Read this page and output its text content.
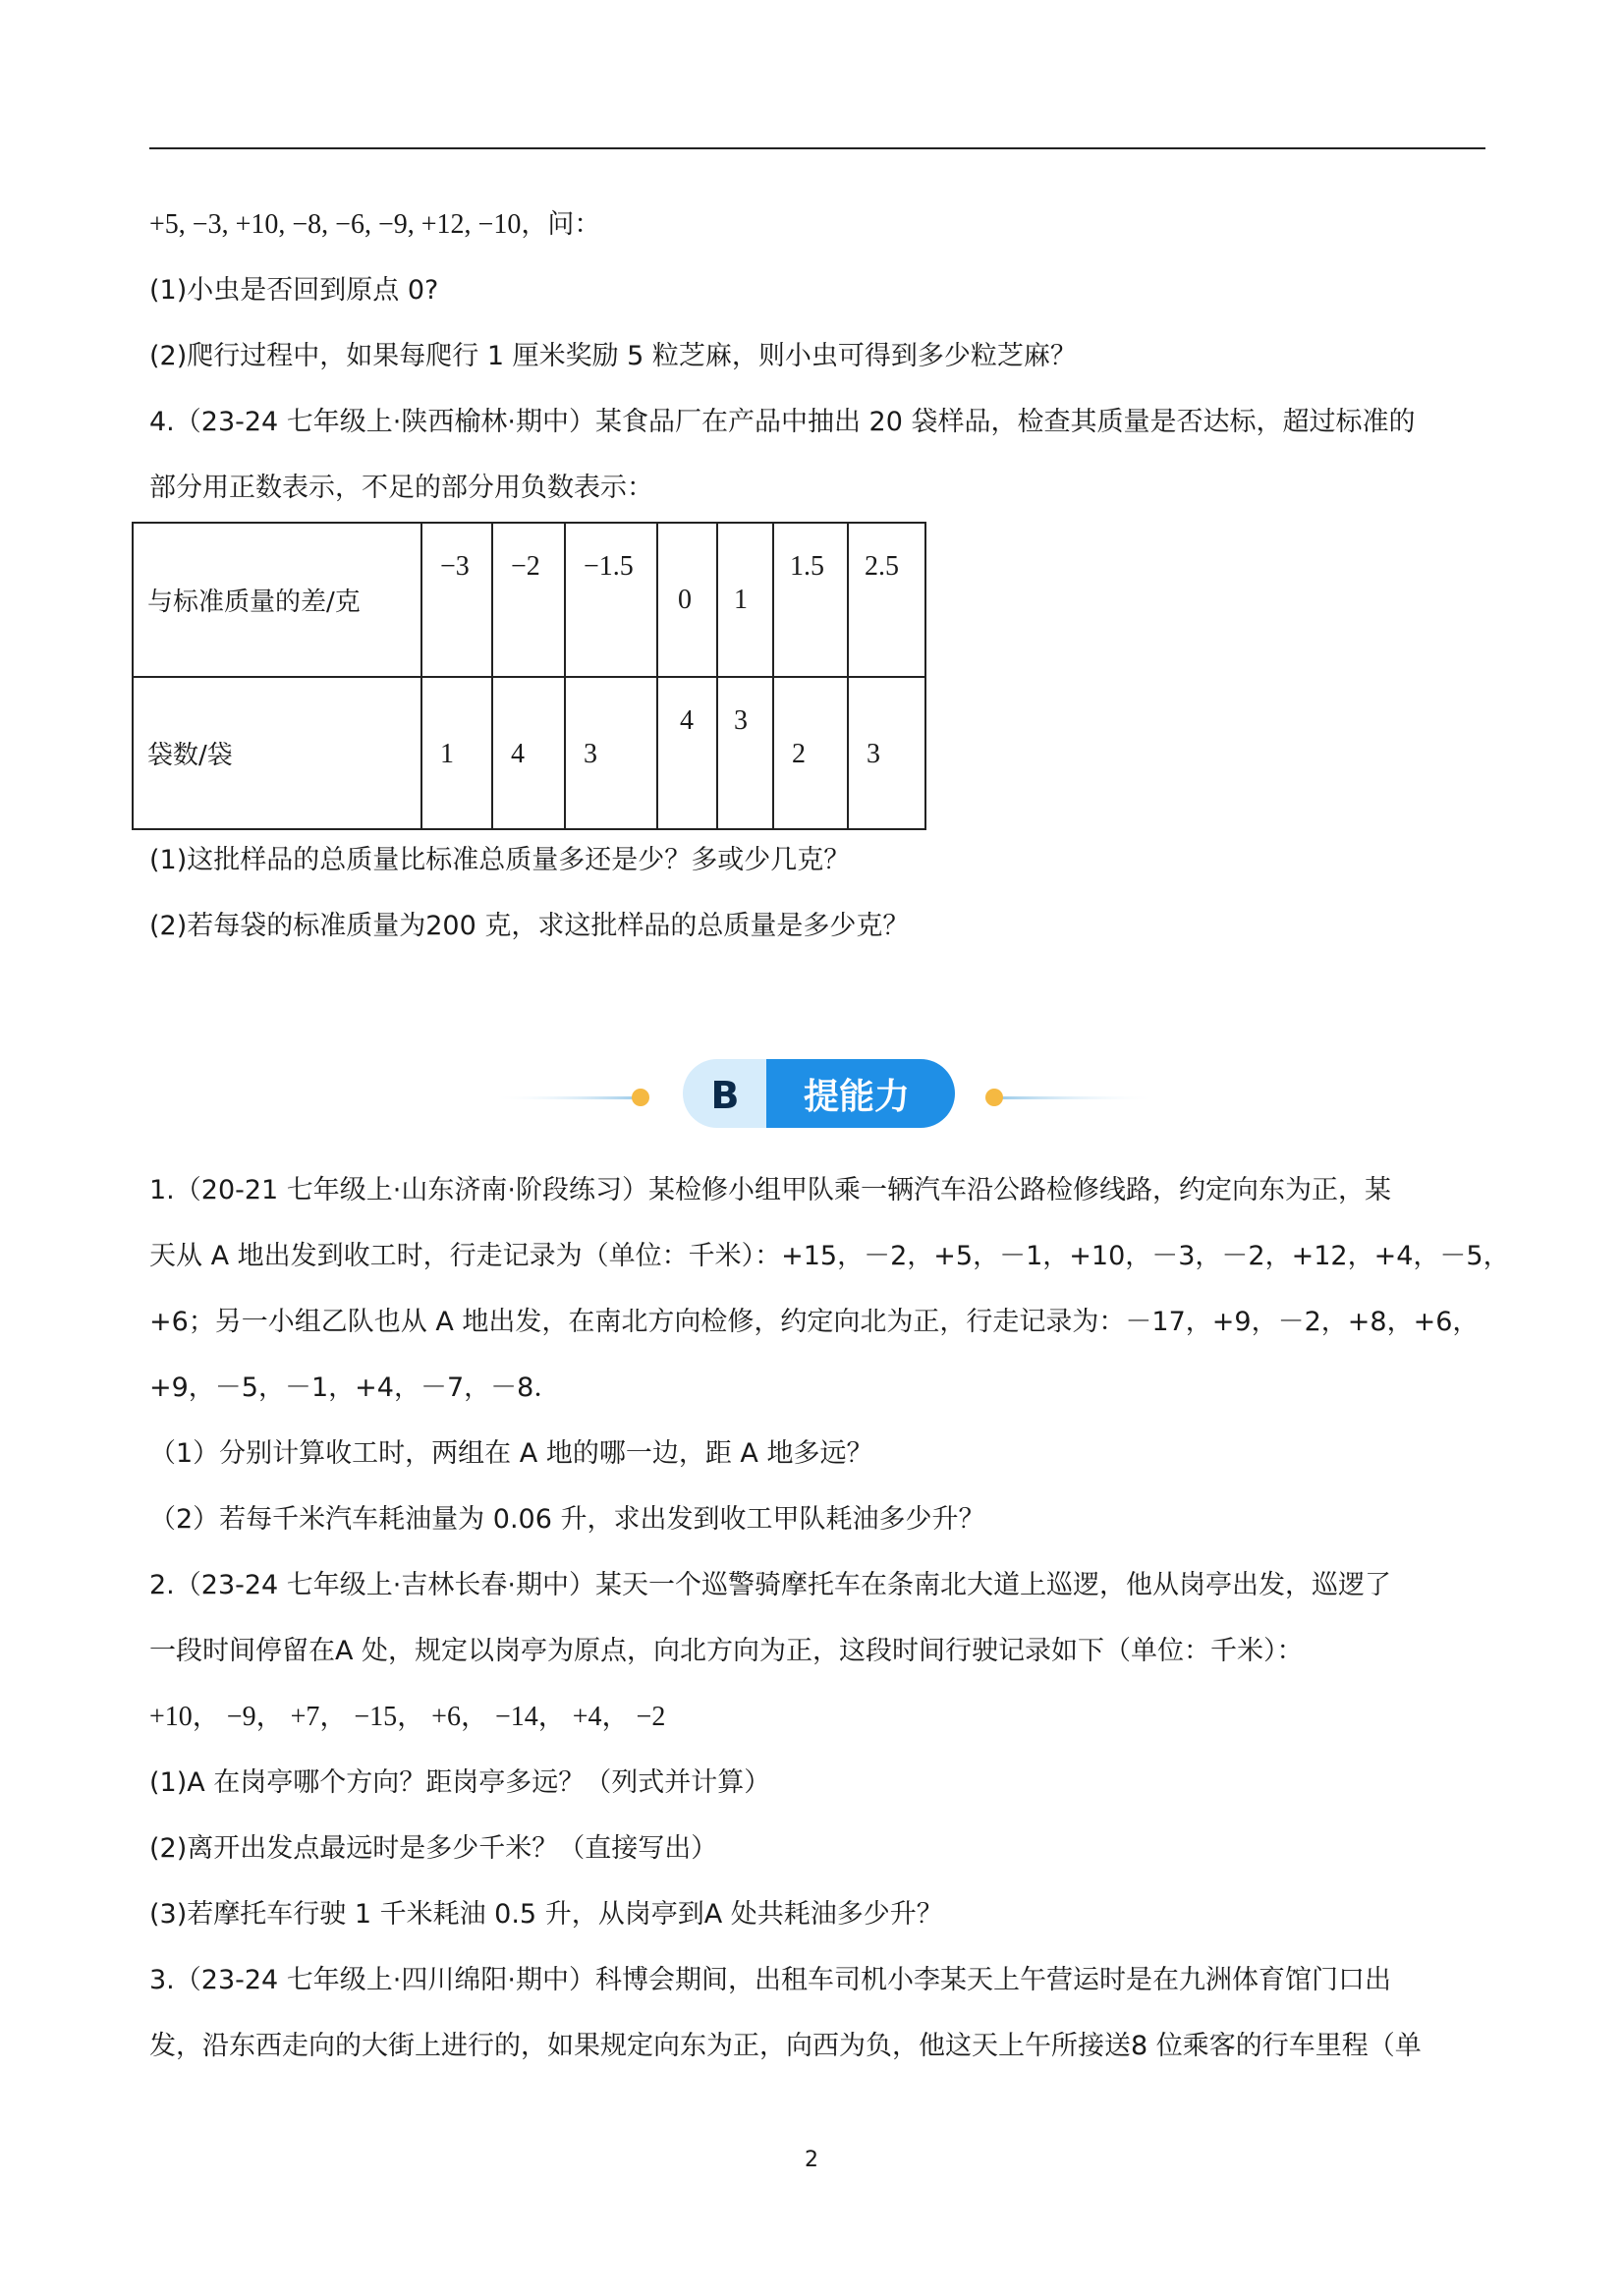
+5, −3, +10, −8, −6, −9, +12, −10，问：
(1)小虫是否回到原点 0?
(2)爬行过程中，如果每爬行 1 厘米奖励 5 粒芝麻，则小虫可得到多少粒芝麻？
4.（23-24 七年级上·陕西榆林·期中）某食品厂在产品中抽出 20 袋样品，检查其质量是否达标，超过标准的
部分用正数表示，不足的部分用负数表示：
与标准质量的差/克	−3	−2	−1.5	0	1	1.5	2.5

袋数/袋	1	4	3	4	3	2	3
(1)这批样品的总质量比标准总质量多还是少？多或少几克？
(2)若每袋的标准质量为200 克，求这批样品的总质量是多少克？
B 提能力
1.（20-21 七年级上·山东济南·阶段练习）某检修小组甲队乘一辆汽车沿公路检修线路，约定向东为正，某
天从 A 地出发到收工时，行走记录为（单位：千米）：+15，－2，+5，－1，+10，－3，－2，+12，+4，－5，
+6；另一小组乙队也从 A 地出发，在南北方向检修，约定向北为正，行走记录为：－17，+9，－2，+8，+6，
+9，－5，－1，+4，－7，－8．
（1）分别计算收工时，两组在 A 地的哪一边，距 A 地多远？
（2）若每千米汽车耗油量为 0.06 升，求出发到收工甲队耗油多少升？
2.（23-24 七年级上·吉林长春·期中）某天一个巡警骑摩托车在条南北大道上巡逻，他从岗亭出发，巡逻了
一段时间停留在A 处，规定以岗亭为原点，向北方向为正，这段时间行驶记录如下（单位：千米）：
+10， −9， +7， −15， +6， −14， +4， −2
(1)A 在岗亭哪个方向？距岗亭多远？（列式并计算）
(2)离开出发点最远时是多少千米？（直接写出）
(3)若摩托车行驶 1 千米耗油 0.5 升，从岗亭到A 处共耗油多少升？
3.（23-24 七年级上·四川绵阳·期中）科博会期间，出租车司机小李某天上午营运时是在九洲体育馆门口出
发，沿东西走向的大街上进行的，如果规定向东为正，向西为负，他这天上午所接送8 位乘客的行车里程（单
2
